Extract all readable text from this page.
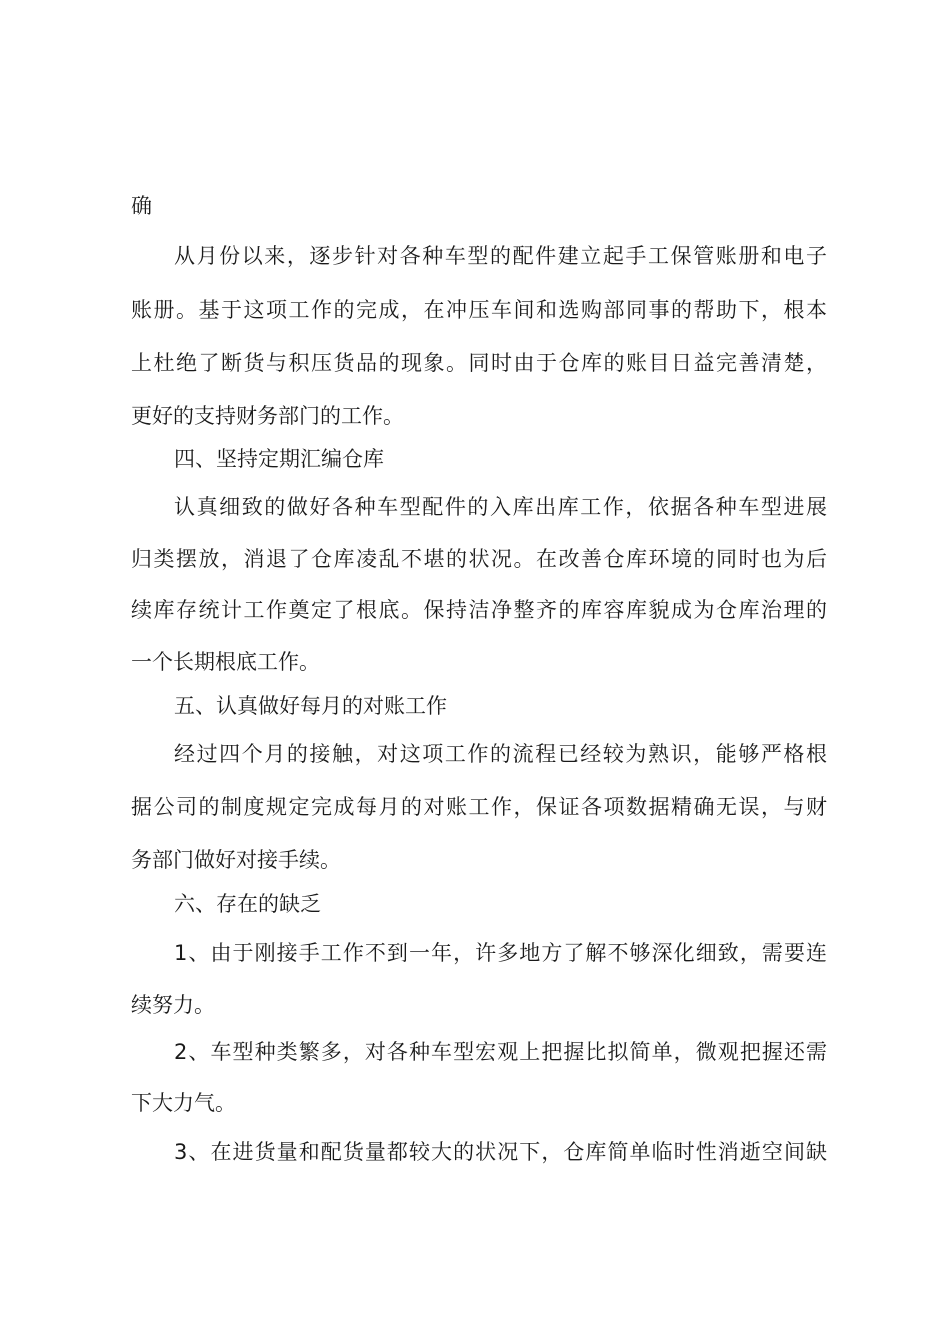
确

从月份以来，逐步针对各种车型的配件建立起手工保管账册和电子

账册。基于这项工作的完成，在冲压车间和选购部同事的帮助下，根本

上杜绝了断货与积压货品的现象。同时由于仓库的账目日益完善清楚，

更好的支持财务部门的工作。

四、坚持定期汇编仓库

认真细致的做好各种车型配件的入库出库工作，依据各种车型进展

归类摆放，消退了仓库凌乱不堪的状况。在改善仓库环境的同时也为后

续库存统计工作奠定了根底。保持洁净整齐的库容库貌成为仓库治理的

一个长期根底工作。

五、认真做好每月的对账工作

经过四个月的接触，对这项工作的流程已经较为熟识，能够严格根

据公司的制度规定完成每月的对账工作，保证各项数据精确无误，与财

务部门做好对接手续。

六、存在的缺乏

1、由于刚接手工作不到一年，许多地方了解不够深化细致，需要连

续努力。

2、车型种类繁多，对各种车型宏观上把握比拟简单，微观把握还需

下大力气。

3、在进货量和配货量都较大的状况下，仓库简单临时性消逝空间缺
